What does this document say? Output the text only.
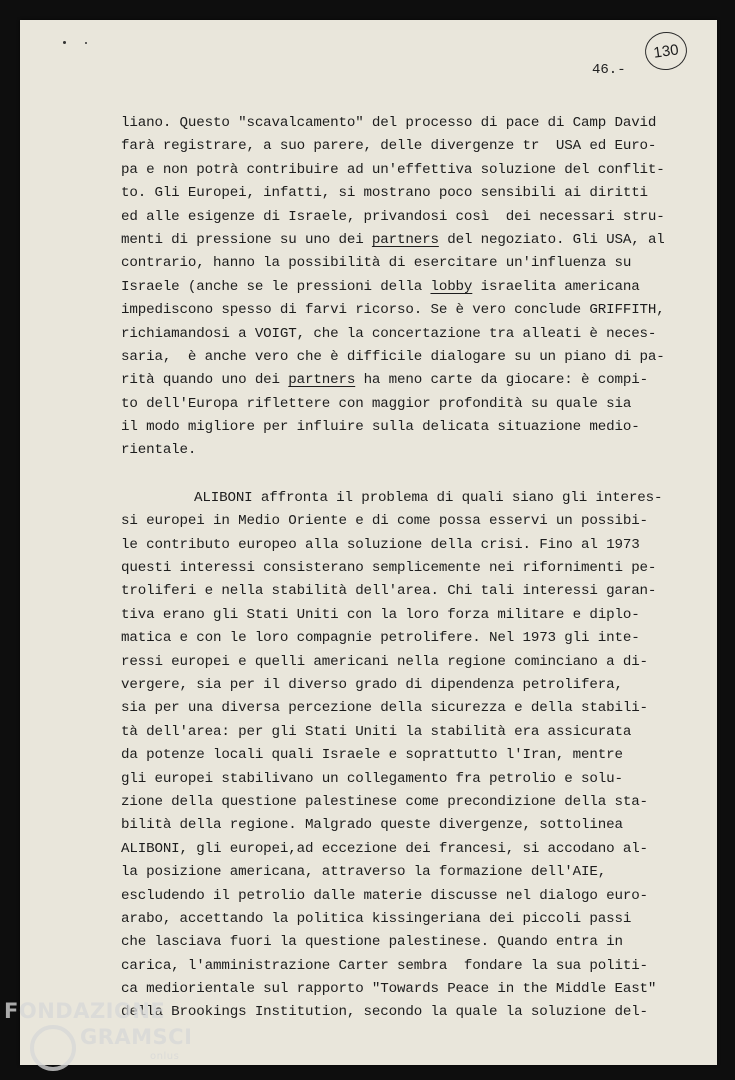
130
46.-
liano. Questo "scavalcamento" del processo di pace di Camp David
farà registrare, a suo parere, delle divergenze tr  USA ed Euro-
pa e non potrà contribuire ad un'effettiva soluzione del conflit-
to. Gli Europei, infatti, si mostrano poco sensibili ai diritti
ed alle esigenze di Israele, privandosi così  dei necessari stru-
menti di pressione su uno dei partners del negoziato. Gli USA, al
contrario, hanno la possibilità di esercitare un'influenza su
Israele (anche se le pressioni della lobby israelita americana
impediscono spesso di farvi ricorso. Se è vero conclude GRIFFITH,
richiamandosi a VOIGT, che la concertazione tra alleati è neces-
saria,  è anche vero che è difficile dialogare su un piano di pa-
rità quando uno dei partners ha meno carte da giocare: è compi-
to dell'Europa riflettere con maggior profondità su quale sia
il modo migliore per influire sulla delicata situazione medio-
rientale.
ALIBONI affronta il problema di quali siano gli interes-
si europei in Medio Oriente e di come possa esservi un possibi-
le contributo europeo alla soluzione della crisi. Fino al 1973
questi interessi consisterano semplicemente nei rifornimenti pe-
troliferi e nella stabilità dell'area. Chi tali interessi garan-
tiva erano gli Stati Uniti con la loro forza militare e diplo-
matica e con le loro compagnie petrolifere. Nel 1973 gli inte-
ressi europei e quelli americani nella regione cominciano a di-
vergere, sia per il diverso grado di dipendenza petrolifera,
sia per una diversa percezione della sicurezza e della stabili-
tà dell'area: per gli Stati Uniti la stabilità era assicurata
da potenze locali quali Israele e soprattutto l'Iran, mentre
gli europei stabilivano un collegamento fra petrolio e solu-
zione della questione palestinese come precondizione della sta-
bilità della regione. Malgrado queste divergenze, sottolinea
ALIBONI, gli europei,ad eccezione dei francesi, si accodano al-
la posizione americana, attraverso la formazione dell'AIE,
escludendo il petrolio dalle materie discusse nel dialogo euro-
arabo, accettando la politica kissingeriana dei piccoli passi
che lasciava fuori la questione palestinese. Quando entra in
carica, l'amministrazione Carter sembra  fondare la sua politi-
ca mediorientale sul rapporto "Towards Peace in the Middle East"
della Brookings Institution, secondo la quale la soluzione del-
FONDAZIONE
GRAMSCI
onlus
